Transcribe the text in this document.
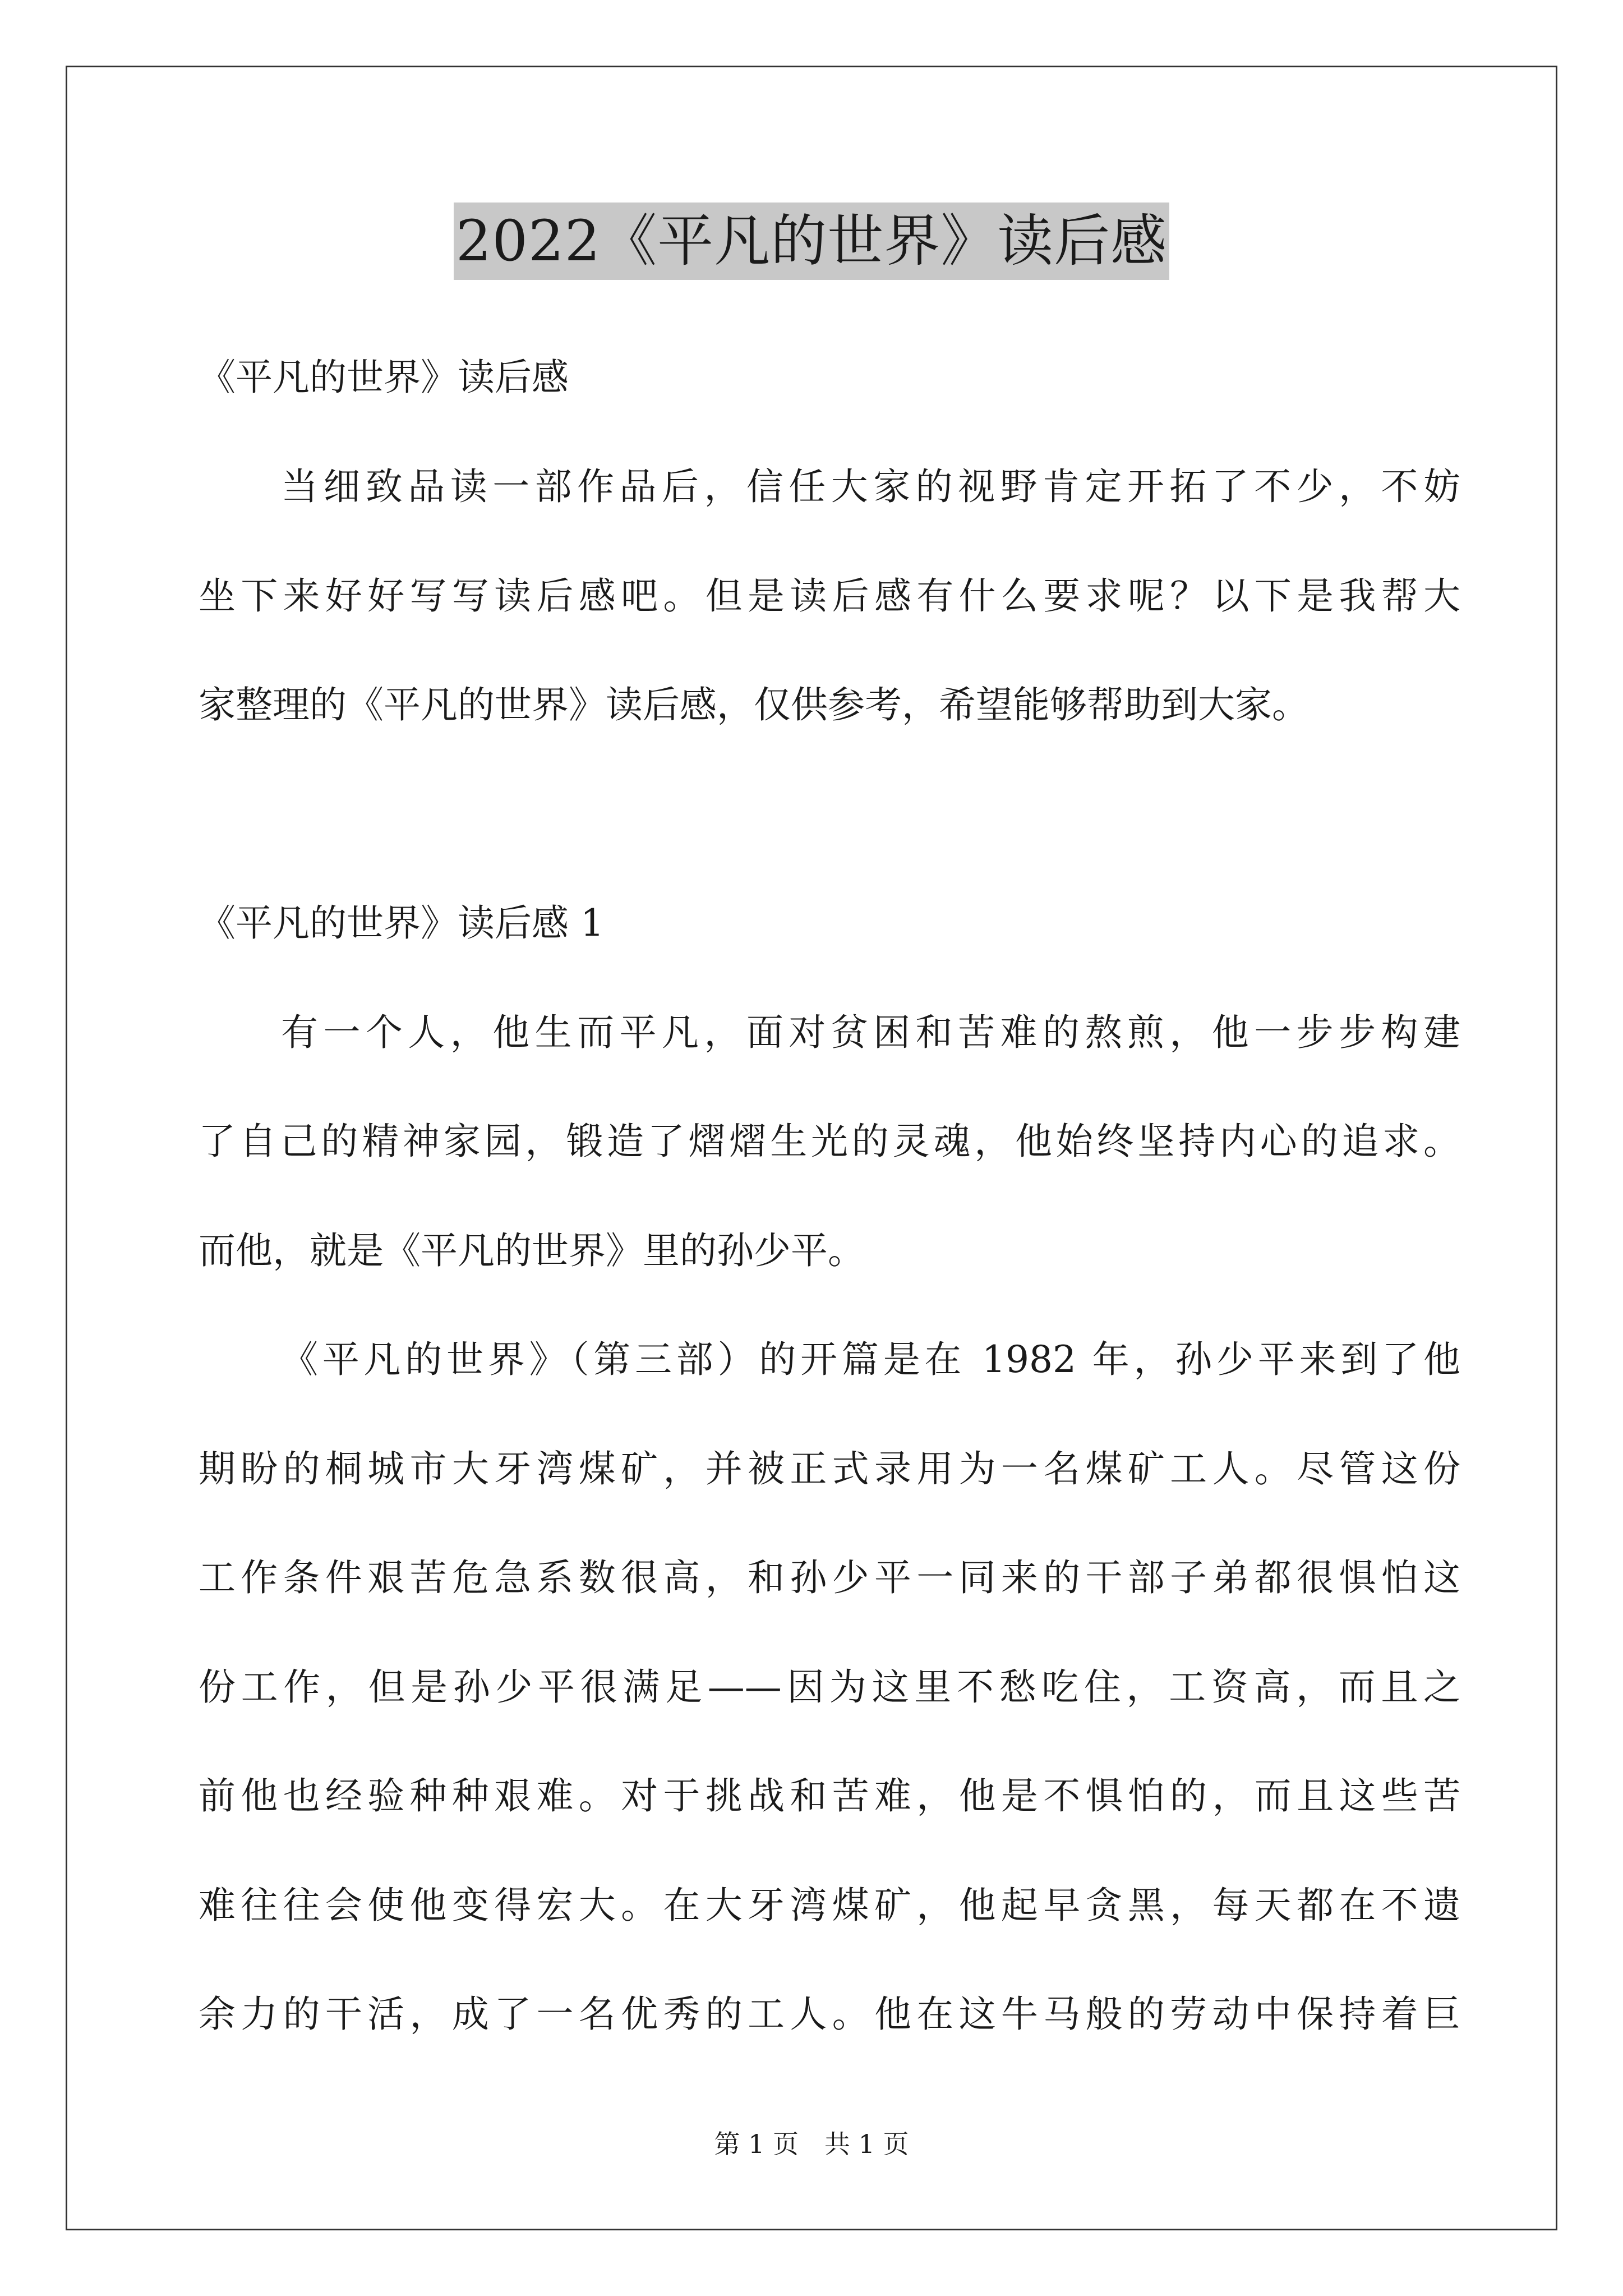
2022《平凡的世界》读后感
《平凡的世界》读后感
当细致品读一部作品后，信任大家的视野肯定开拓了不少，不妨
坐下来好好写写读后感吧。但是读后感有什么要求呢？以下是我帮大
家整理的《平凡的世界》读后感，仅供参考，希望能够帮助到大家。
《平凡的世界》读后感 1
有一个人，他生而平凡，面对贫困和苦难的熬煎，他一步步构建
了自己的精神家园，锻造了熠熠生光的灵魂，他始终坚持内心的追求。
而他，就是《平凡的世界》里的孙少平。
《平凡的世界》（第三部）的开篇是在 1982 年，孙少平来到了他
期盼的桐城市大牙湾煤矿，并被正式录用为一名煤矿工人。尽管这份
工作条件艰苦危急系数很高，和孙少平一同来的干部子弟都很惧怕这
份工作，但是孙少平很满足——因为这里不愁吃住，工资高，而且之
前他也经验种种艰难。对于挑战和苦难，他是不惧怕的，而且这些苦
难往往会使他变得宏大。在大牙湾煤矿，他起早贪黑，每天都在不遗
余力的干活，成了一名优秀的工人。他在这牛马般的劳动中保持着巨
第 1 页　共 1 页
